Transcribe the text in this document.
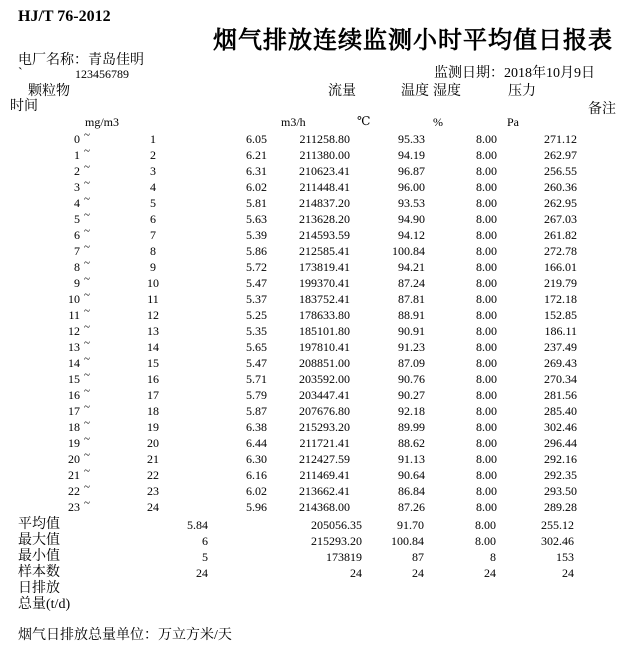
HJ/T 76-2012
烟气排放连续监测小时平均值日报表
电厂名称：青岛佳明
`	123456789	监测日期：2018年10月9日
颗粒物	流量	温度 湿度	压力
时间	备注
mg/m3	m3/h	℃	%	Pa
0 ~	1	6.05	211258.80	95.33	8.00	271.12
1 ~	2	6.21	211380.00	94.19	8.00	262.97
2 ~	3	6.31	210623.41	96.87	8.00	256.55
3 ~	4	6.02	211448.41	96.00	8.00	260.36
4 ~	5	5.81	214837.20	93.53	8.00	262.95
5 ~	6	5.63	213628.20	94.90	8.00	267.03
6 ~	7	5.39	214593.59	94.12	8.00	261.82
7 ~	8	5.86	212585.41	100.84	8.00	272.78
8 ~	9	5.72	173819.41	94.21	8.00	166.01
9 ~	10	5.47	199370.41	87.24	8.00	219.79
10 ~	11	5.37	183752.41	87.81	8.00	172.18
11 ~	12	5.25	178633.80	88.91	8.00	152.85
12 ~	13	5.35	185101.80	90.91	8.00	186.11
13 ~	14	5.65	197810.41	91.23	8.00	237.49
14 ~	15	5.47	208851.00	87.09	8.00	269.43
15 ~	16	5.71	203592.00	90.76	8.00	270.34
16 ~	17	5.79	203447.41	90.27	8.00	281.56
17 ~	18	5.87	207676.80	92.18	8.00	285.40
18 ~	19	6.38	215293.20	89.99	8.00	302.46
19 ~	20	6.44	211721.41	88.62	8.00	296.44
20 ~	21	6.30	212427.59	91.13	8.00	292.16
21 ~	22	6.16	211469.41	90.64	8.00	292.35
22 ~	23	6.02	213662.41	86.84	8.00	293.50
23 ~	24	5.96	214368.00	87.26	8.00	289.28
平均值	5.84	205056.35	91.70	8.00	255.12
最大值	6	215293.20	100.84	8.00	302.46
最小值	5	173819	87	8	153
样本数	24	24	24	24	24
日排放
总量(t/d)
烟气日排放总量单位：万立方米/天
